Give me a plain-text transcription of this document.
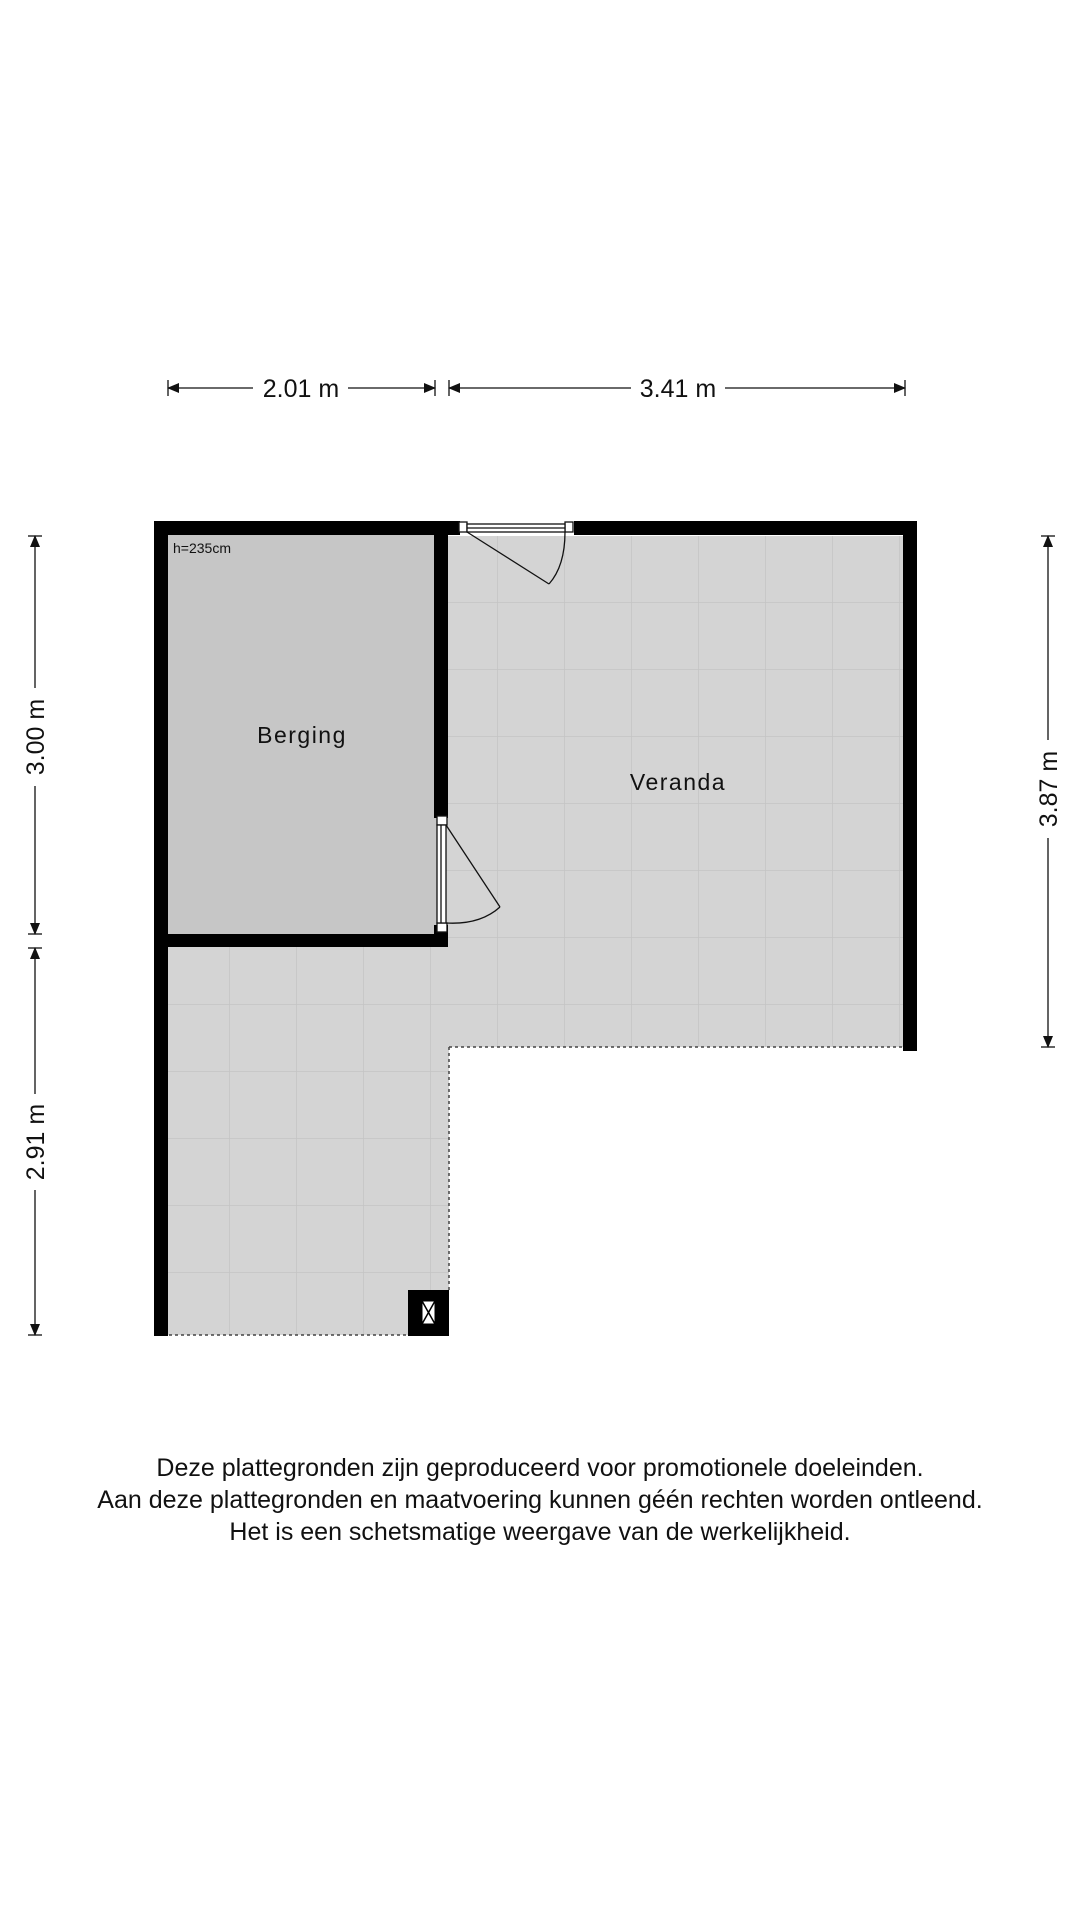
h=235cm
Berging
Veranda
2.01 m	3.41 m
3.00 m
2.91 m
3.87 m
Deze plattegronden zijn geproduceerd voor promotionele doeleinden.
Aan deze plattegronden en maatvoering kunnen géén rechten worden ontleend.
Het is een schetsmatige weergave van de werkelijkheid.
